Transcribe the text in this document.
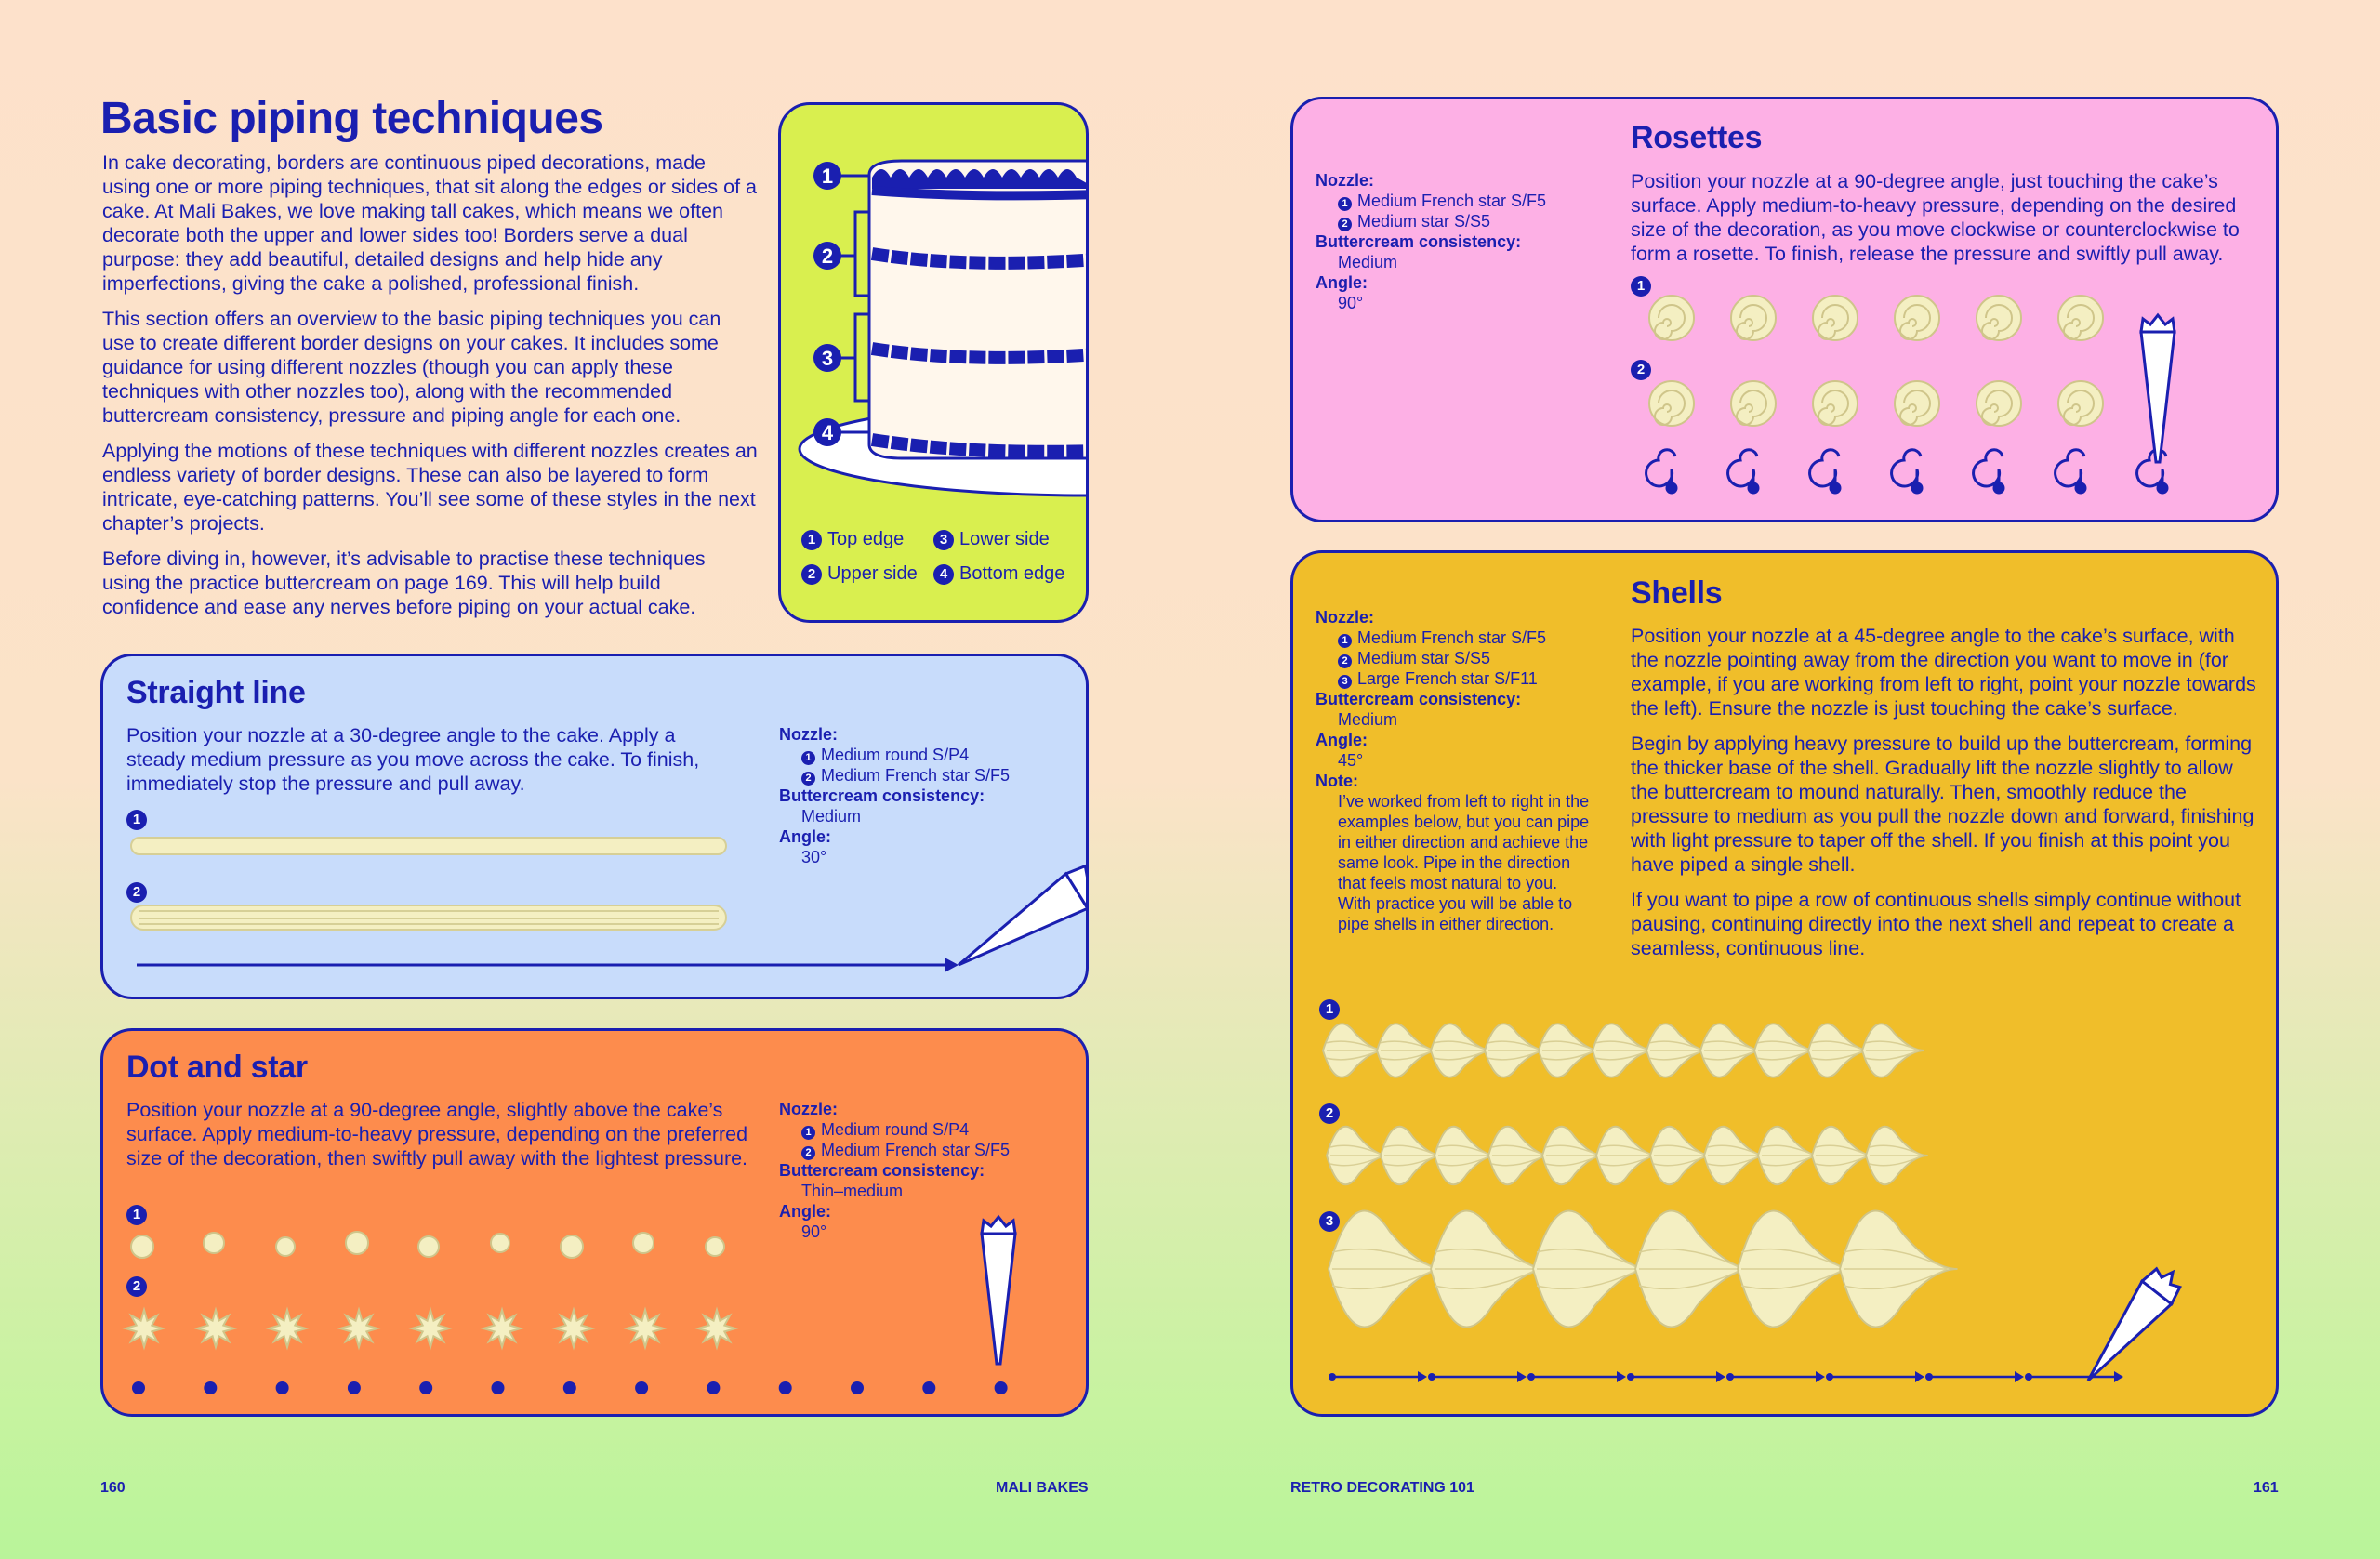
Basic piping techniques

In cake decorating, borders are continuous piped decorations, made using one or more piping techniques, that sit along the edges or sides of a cake. At Mali Bakes, we love making tall cakes, which means we often decorate both the upper and lower sides too! Borders serve a dual purpose: they add beautiful, detailed designs and help hide any imperfections, giving the cake a polished, professional finish.

This section offers an overview to the basic piping techniques you can use to create different border designs on your cakes. It includes some guidance for using different nozzles (though you can apply these techniques with other nozzles too), along with the recommended buttercream consistency, pressure and piping angle for each one.

Applying the motions of these techniques with different nozzles creates an endless variety of border designs. These can also be layered to form intricate, eye-catching patterns. You’ll see some of these styles in the next chapter’s projects.

Before diving in, however, it’s advisable to practise these techniques using the practice buttercream on page 169. This will help build confidence and ease any nerves before piping on your actual cake.

1
2
3
4
1 Top edge	3 Lower side
2 Upper side	4 Bottom edge
Straight line
Position your nozzle at a 30-degree angle to the cake. Apply a steady medium pressure as you move across the cake. To finish, immediately stop the pressure and pull away.
Nozzle:
1 Medium round S/P4
2 Medium French star S/F5
Buttercream consistency:
Medium
Angle:
30°
1
2
Dot and star
Position your nozzle at a 90-degree angle, slightly above the cake’s surface. Apply medium-to-heavy pressure, depending on the preferred size of the decoration, then swiftly pull away with the lightest pressure.
Nozzle:
1 Medium round S/P4
2 Medium French star S/F5
Buttercream consistency:
Thin–medium
Angle:
90°
1
2
160	MALI BAKES
Nozzle:
1 Medium French star S/F5
2 Medium star S/S5
Buttercream consistency:
Medium
Angle:
90°
Rosettes
Position your nozzle at a 90-degree angle, just touching the cake’s surface. Apply medium-to-heavy pressure, depending on the desired size of the decoration, as you move clockwise or counterclockwise to form a rosette. To finish, release the pressure and swiftly pull away.
1
2
Nozzle:
1 Medium French star S/F5
2 Medium star S/S5
3 Large French star S/F11
Buttercream consistency:
Medium
Angle:
45°
Note:
I’ve worked from left to right in the examples below, but you can pipe in either direction and achieve the same look. Pipe in the direction that feels most natural to you. With practice you will be able to pipe shells in either direction.
Shells

Position your nozzle at a 45-degree angle to the cake’s surface, with the nozzle pointing away from the direction you want to move in (for example, if you are working from left to right, point your nozzle towards the left). Ensure the nozzle is just touching the cake’s surface.

Begin by applying heavy pressure to build up the buttercream, forming the thicker base of the shell. Gradually lift the nozzle slightly to allow the buttercream to mound naturally. Then, smoothly reduce the pressure to medium as you pull the nozzle down and forward, finishing with light pressure to taper off the shell. If you finish at this point you have piped a single shell.

If you want to pipe a row of continuous shells simply continue without pausing, continuing directly into the next shell and repeat to create a seamless, continuous line.

1
2
3
RETRO DECORATING 101	161
